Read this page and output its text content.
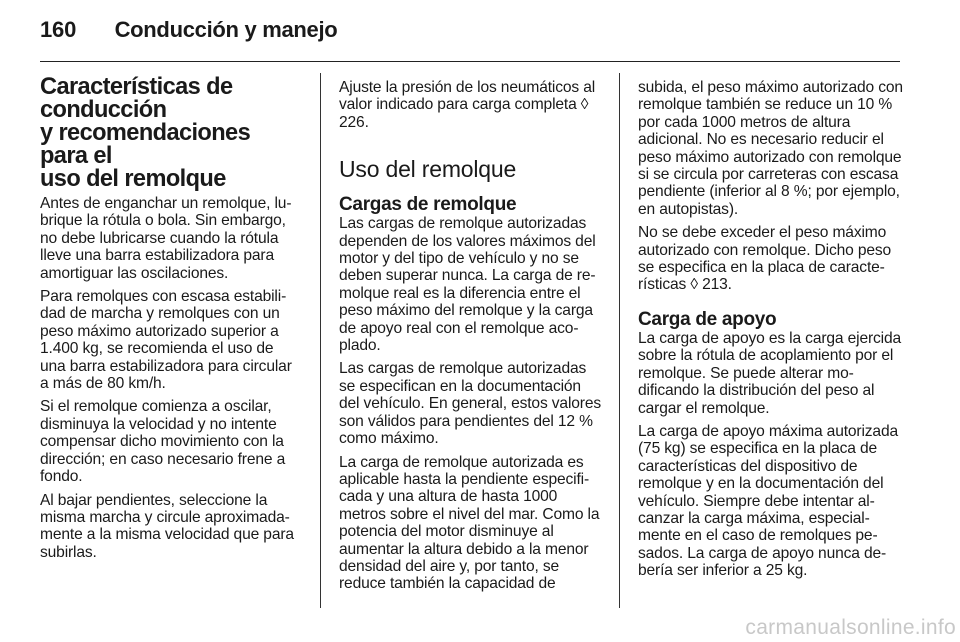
160 Conducción y manejo
Características de
conducción
y recomendaciones para el
uso del remolque

Antes de enganchar un remolque, lubrique la rótula o bola. Sin embargo, no debe lubricarse cuando la rótula lleve una barra estabilizadora para amortiguar las oscilaciones.

Para remolques con escasa estabilidad de marcha y remolques con un peso máximo autorizado superior a 1.400 kg, se recomienda el uso de una barra estabilizadora para circular a más de 80 km/h.

Si el remolque comienza a oscilar, disminuya la velocidad y no intente compensar dicho movimiento con la dirección; en caso necesario frene a fondo.

Al bajar pendientes, seleccione la misma marcha y circule aproximadamente a la misma velocidad que para subirlas.

Ajuste la presión de los neumáticos al valor indicado para carga completa ◊ 226.

Uso del remolque
Cargas de remolque

Las cargas de remolque autorizadas dependen de los valores máximos del motor y del tipo de vehículo y no se deben superar nunca. La carga de remolque real es la diferencia entre el peso máximo del remolque y la carga de apoyo real con el remolque acoplado.

Las cargas de remolque autorizadas se especifican en la documentación del vehículo. En general, estos valores son válidos para pendientes del 12 % como máximo.

La carga de remolque autorizada es aplicable hasta la pendiente especificada y una altura de hasta 1000 metros sobre el nivel del mar. Como la potencia del motor disminuye al aumentar la altura debido a la menor densidad del aire y, por tanto, se reduce también la capacidad de

subida, el peso máximo autorizado con remolque también se reduce un 10 % por cada 1000 metros de altura adicional. No es necesario reducir el peso máximo autorizado con remolque si se circula por carreteras con escasa pendiente (inferior al 8 %; por ejemplo, en autopistas).

No se debe exceder el peso máximo autorizado con remolque. Dicho peso se especifica en la placa de características ◊ 213.

Carga de apoyo

La carga de apoyo es la carga ejercida sobre la rótula de acoplamiento por el remolque. Se puede alterar modificando la distribución del peso al cargar el remolque.

La carga de apoyo máxima autorizada (75 kg) se especifica en la placa de características del dispositivo de remolque y en la documentación del vehículo. Siempre debe intentar alcanzar la carga máxima, especialmente en el caso de remolques pesados. La carga de apoyo nunca debería ser inferior a 25 kg.

carmanualsonline.info
